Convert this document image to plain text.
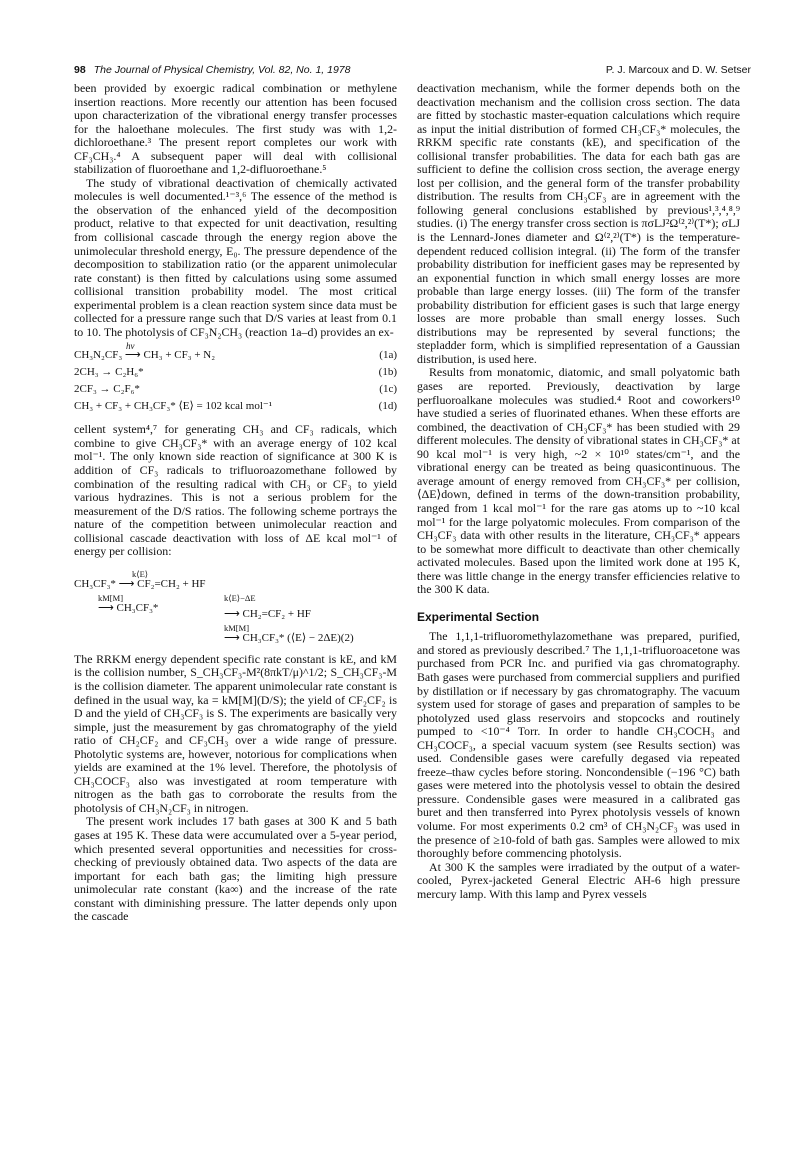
98 The Journal of Physical Chemistry, Vol. 82, No. 1, 1978	P. J. Marcoux and D. W. Setser

been provided by exoergic radical combination or methylene insertion reactions. More recently our attention has been focused upon characterization of the vibrational energy transfer processes for the haloethane molecules. The first study was with 1,2-dichloroethane.³ The present report completes our work with CF₃CH₃.⁴ A subsequent paper will deal with collisional stabilization of fluoroethane and 1,2-difluoroethane.⁵

The study of vibrational deactivation of chemically activated molecules is well documented.¹⁻³,⁶ The essence of the method is the observation of the enhanced yield of the decomposition product, relative to that expected for unit deactivation, resulting from collisional cascade through the energy region above the unimolecular threshold energy, E₀. The pressure dependence of the decomposition to stabilization ratio (or the apparent unimolecular rate constant) is then fitted by calculations using some assumed collisional transition probability model. The most critical experimental problem is a clean reaction system since data must be collected for a pressure range such that D/S varies at least from 0.1 to 10. The photolysis of CF₃N₂CH₃ (reaction 1a–d) provides an ex-

hν
CH₃N₂CF₃ ⟶ CH₃ + CF₃ + N₂	(1a)
2CH₃ → C₂H₆*	(1b)
2CF₃ → C₂F₆*	(1c)
CH₃ + CF₃ + CH₃CF₃* ⟨E⟩ = 102 kcal mol⁻¹	(1d)

cellent system⁴,⁷ for generating CH₃ and CF₃ radicals, which combine to give CH₃CF₃* with an average energy of 102 kcal mol⁻¹. The only known side reaction of significance at 300 K is addition of CF₃ radicals to trifluoroazomethane followed by combination of the resulting radical with CH₃ or CF₃ to yield various hydrazines. This is not a serious problem for the measurement of the D/S ratios. The following scheme portrays the nature of the competition between unimolecular reaction and collisional cascade deactivation with loss of ΔE kcal mol⁻¹ of energy per collision:

k⟨E⟩
CH₃CF₃* ⟶ CF₂=CH₂ + HF
kM[M]	k⟨E⟩−ΔE
⟶ CH₃CF₃*	⟶ CH₂=CF₂ + HF
kM[M]
⟶ CH₃CF₃* (⟨E⟩ − 2ΔE)(2)

The RRKM energy dependent specific rate constant is kE, and kM is the collision number, S_CH₃CF₃-M²(8πkT/μ)^1/2; S_CH₃CF₃-M is the collision diameter. The apparent unimolecular rate constant is defined in the usual way, ka = kM[M](D/S); the yield of CF₂CF₂ is D and the yield of CH₃CF₃ is S. The experiments are basically very simple, just the measurement by gas chromatography of the yield ratio of CH₂CF₂ and CF₃CH₃ over a wide range of pressure. Photolytic systems are, however, notorious for complications when yields are examined at the 1% level. Therefore, the photolysis of CH₃COCF₃ also was investigated at room temperature with nitrogen as the bath gas to corroborate the results from the photolysis of CH₃N₂CF₃ in nitrogen.

The present work includes 17 bath gases at 300 K and 5 bath gases at 195 K. These data were accumulated over a 5-year period, which presented several opportunities and necessities for cross-checking of previously obtained data. Two aspects of the data are important for each bath gas; the limiting high pressure unimolecular rate constant (ka∞) and the increase of the rate constant with diminishing pressure. The latter depends only upon the cascade

deactivation mechanism, while the former depends both on the deactivation mechanism and the collision cross section. The data are fitted by stochastic master-equation calculations which require as input the initial distribution of formed CH₃CF₃* molecules, the RRKM specific rate constants (kE), and specification of the collisional transfer probabilities. The data for each bath gas are sufficient to define the collision cross section, the average energy lost per collision, and the general form of the transfer probability distribution. The results from CH₃CF₃ are in agreement with the following general conclusions established by previous¹,³,⁴,⁸,⁹ studies. (i) The energy transfer cross section is πσLJ²Ω⁽²,²⁾(T*); σLJ is the Lennard-Jones diameter and Ω⁽²,²⁾(T*) is the temperature-dependent reduced collision integral. (ii) The form of the transfer probability distribution for inefficient gases may be represented by an exponential function in which small energy losses are more probable than large energy losses. (iii) The form of the transfer probability distribution for efficient gases is such that large energy losses are more probable than small energy losses. Such distributions may be represented by several functions; the stepladder form, which is simplified representation of a Gaussian distribution, is used here.

Results from monatomic, diatomic, and small polyatomic bath gases are reported. Previously, deactivation by large perfluoroalkane molecules was studied.⁴ Root and coworkers¹⁰ have studied a series of fluorinated ethanes. When these efforts are combined, the deactivation of CH₃CF₃* has been studied with 29 different molecules. The density of vibrational states in CH₃CF₃* at 90 kcal mol⁻¹ is very high, ~2 × 10¹⁰ states/cm⁻¹, and the vibrational energy can be treated as being quasicontinuous. The average amount of energy removed from CH₃CF₃* per collision, ⟨ΔE⟩down, defined in terms of the down-transition probability, ranged from 1 kcal mol⁻¹ for the rare gas atoms up to ~10 kcal mol⁻¹ for the large polyatomic molecules. From comparison of the CH₃CF₃ data with other results in the literature, CH₃CF₃* appears to be somewhat more difficult to deactivate than other chemically activated molecules. Based upon the limited work done at 195 K, there was little change in the energy transfer efficiencies relative to the 300 K data.

Experimental Section

The 1,1,1-trifluoromethylazomethane was prepared, purified, and stored as previously described.⁷ The 1,1,1-trifluoroacetone was purchased from PCR Inc. and purified via gas chromatography. Bath gases were purchased from commercial suppliers and purified by distillation or if necessary by gas chromatography. The vacuum system used for storage of gases and preparation of samples to be photolyzed used glass reservoirs and stopcocks and routinely pumped to <10⁻⁴ Torr. In order to handle CH₃COCH₃ and CH₃COCF₃, a special vacuum system (see Results section) was used. Condensible gases were carefully degased via repeated freeze–thaw cycles before storing. Noncondensible (−196 °C) bath gases were metered into the photolysis vessel to obtain the desired pressure. Condensible gases were measured in a calibrated gas buret and then transferred into Pyrex photolysis vessels of known volume. For most experiments 0.2 cm³ of CH₃N₂CF₃ was used in the presence of ≥10-fold of bath gas. Samples were allowed to mix thoroughly before commencing photolysis.

At 300 K the samples were irradiated by the output of a water-cooled, Pyrex-jacketed General Electric AH-6 high pressure mercury lamp. With this lamp and Pyrex vessels
